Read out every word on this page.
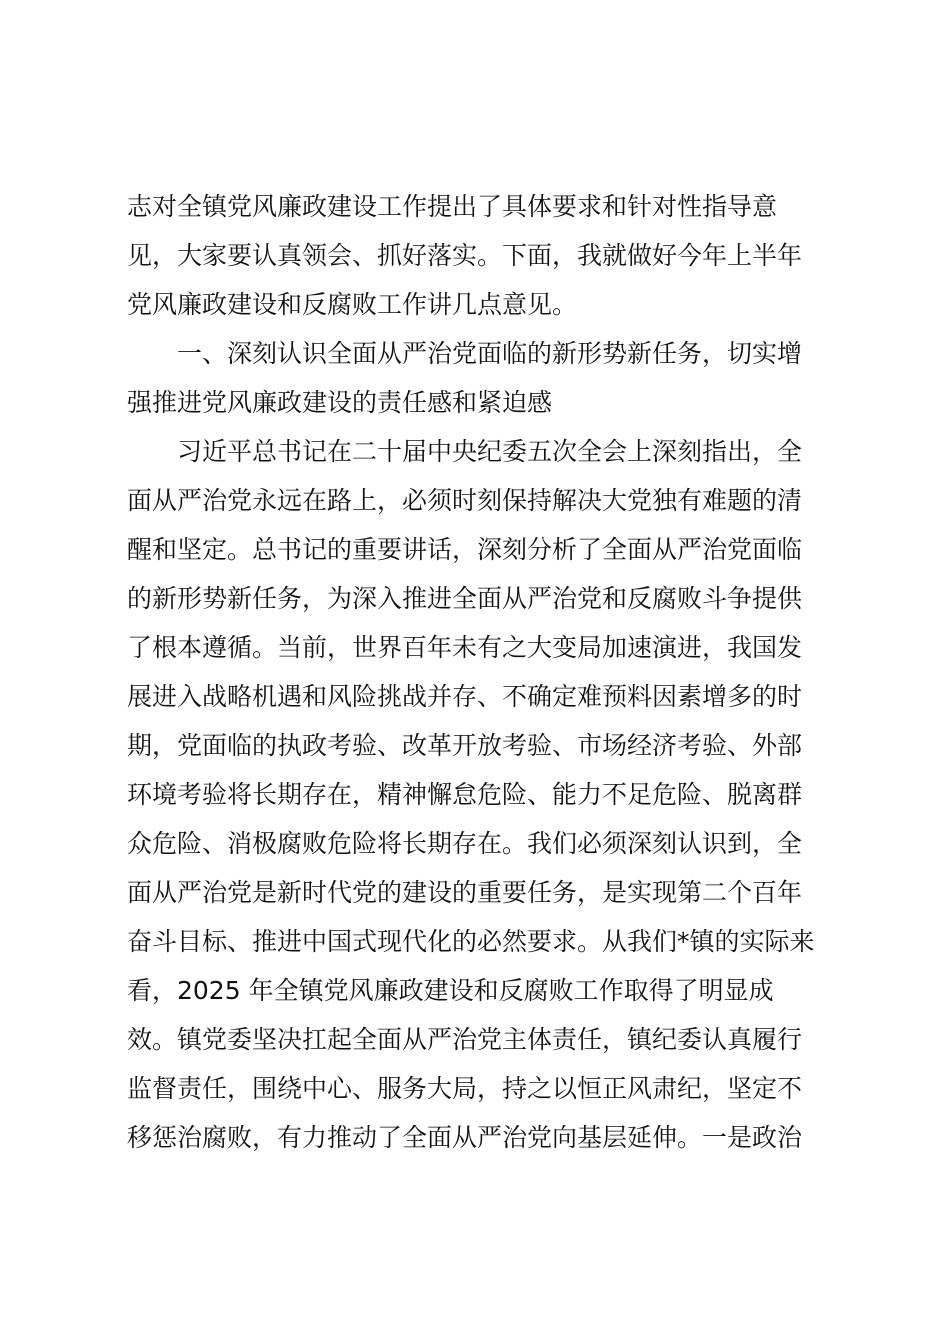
志对全镇党风廉政建设工作提出了具体要求和针对性指导意
见，大家要认真领会、抓好落实。下面，我就做好今年上半年
党风廉政建设和反腐败工作讲几点意见。
一、深刻认识全面从严治党面临的新形势新任务，切实增
强推进党风廉政建设的责任感和紧迫感
习近平总书记在二十届中央纪委五次全会上深刻指出，全
面从严治党永远在路上，必须时刻保持解决大党独有难题的清
醒和坚定。总书记的重要讲话，深刻分析了全面从严治党面临
的新形势新任务，为深入推进全面从严治党和反腐败斗争提供
了根本遵循。当前，世界百年未有之大变局加速演进，我国发
展进入战略机遇和风险挑战并存、不确定难预料因素增多的时
期，党面临的执政考验、改革开放考验、市场经济考验、外部
环境考验将长期存在，精神懈怠危险、能力不足危险、脱离群
众危险、消极腐败危险将长期存在。我们必须深刻认识到，全
面从严治党是新时代党的建设的重要任务，是实现第二个百年
奋斗目标、推进中国式现代化的必然要求。从我们*镇的实际来
看，2025 年全镇党风廉政建设和反腐败工作取得了明显成
效。镇党委坚决扛起全面从严治党主体责任，镇纪委认真履行
监督责任，围绕中心、服务大局，持之以恒正风肃纪，坚定不
移惩治腐败，有力推动了全面从严治党向基层延伸。一是政治
